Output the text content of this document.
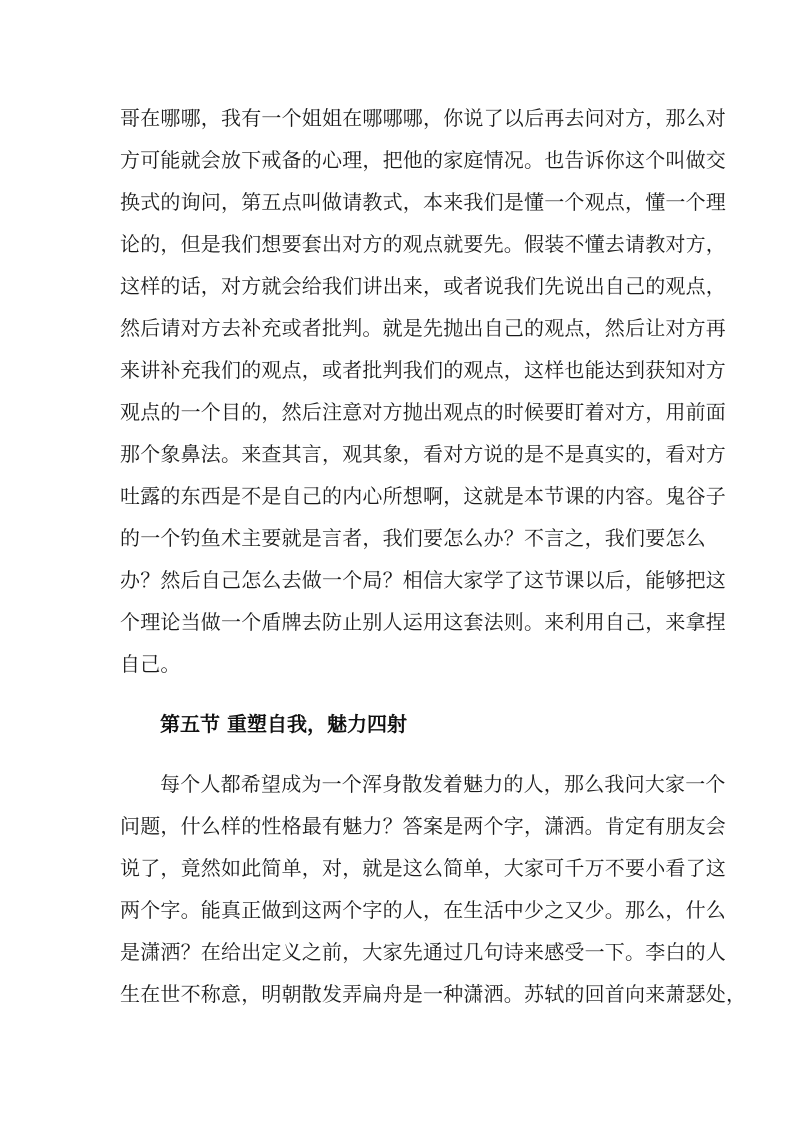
哥在哪哪，我有一个姐姐在哪哪哪，你说了以后再去问对方，那么对
方可能就会放下戒备的心理，把他的家庭情况。也告诉你这个叫做交
换式的询问，第五点叫做请教式，本来我们是懂一个观点，懂一个理
论的，但是我们想要套出对方的观点就要先。假装不懂去请教对方，
这样的话，对方就会给我们讲出来，或者说我们先说出自己的观点，
然后请对方去补充或者批判。就是先抛出自己的观点，然后让对方再
来讲补充我们的观点，或者批判我们的观点，这样也能达到获知对方
观点的一个目的，然后注意对方抛出观点的时候要盯着对方，用前面
那个象鼻法。来查其言，观其象，看对方说的是不是真实的，看对方
吐露的东西是不是自己的内心所想啊，这就是本节课的内容。鬼谷子
的一个钓鱼术主要就是言者，我们要怎么办？不言之，我们要怎么
办？然后自己怎么去做一个局？相信大家学了这节课以后，能够把这
个理论当做一个盾牌去防止别人运用这套法则。来利用自己，来拿捏
自己。
第五节 重塑自我，魅力四射
每个人都希望成为一个浑身散发着魅力的人，那么我问大家一个
问题，什么样的性格最有魅力？答案是两个字，潇洒。肯定有朋友会
说了，竟然如此简单，对，就是这么简单，大家可千万不要小看了这
两个字。能真正做到这两个字的人，在生活中少之又少。那么，什么
是潇洒？在给出定义之前，大家先通过几句诗来感受一下。李白的人
生在世不称意，明朝散发弄扁舟是一种潇洒。苏轼的回首向来萧瑟处，
